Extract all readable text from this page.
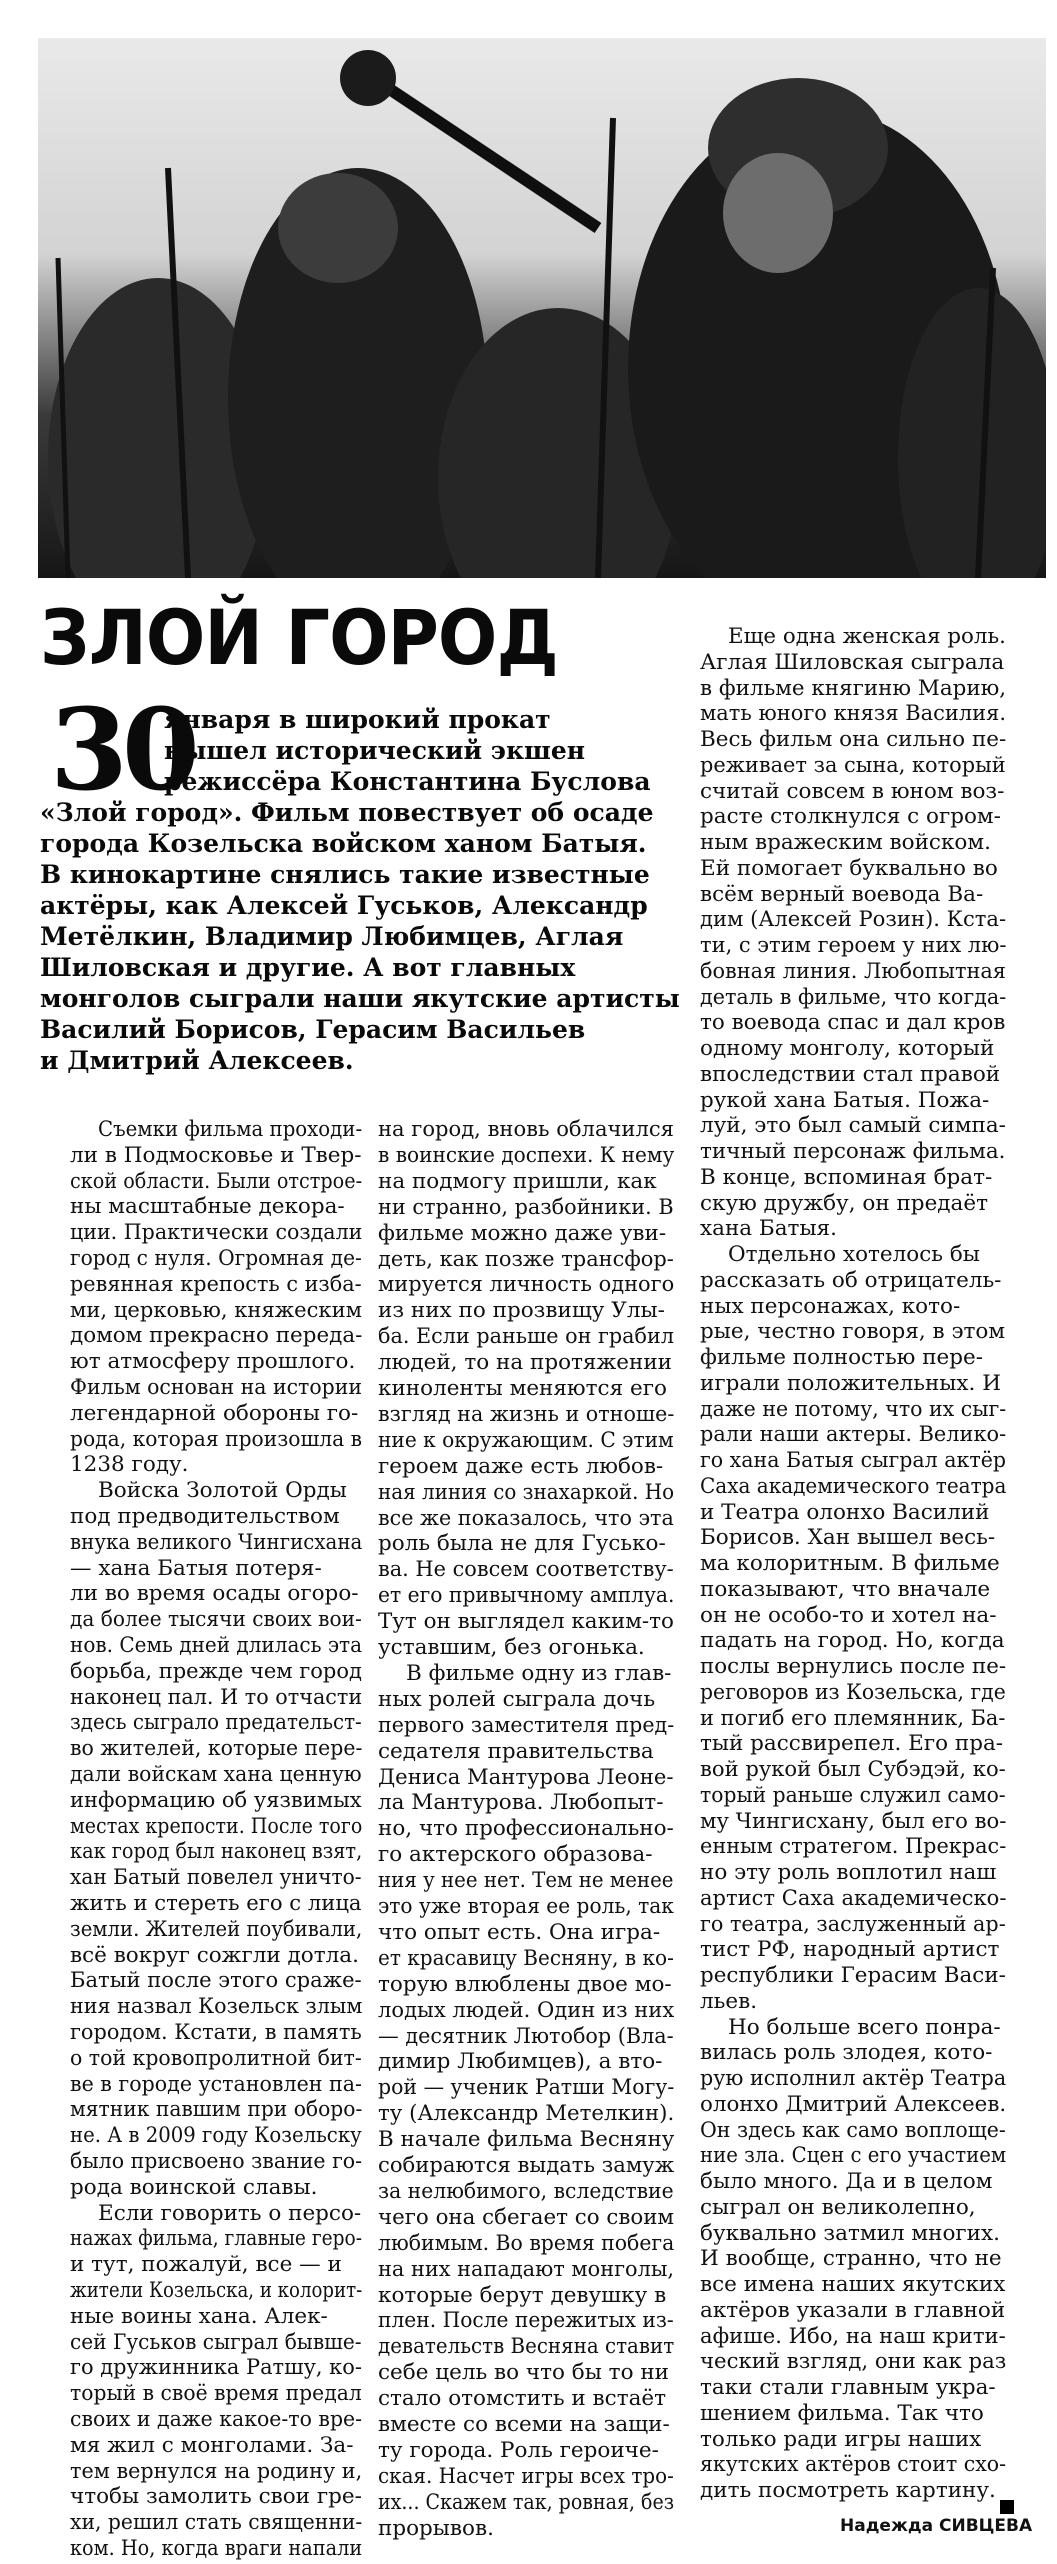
ЗЛОЙ ГОРОД
30
января в широкий прокат
вышел исторический экшен
режиссёра Константина Буслова
«Злой город». Фильм повествует об осаде
города Козельска войском ханом Батыя.
В кинокартине снялись такие известные
актёры, как Алексей Гуськов, Александр
Метёлкин, Владимир Любимцев, Аглая
Шиловская и другие. А вот главных
монголов сыграли наши якутские артисты
Василий Борисов, Герасим Васильев
и Дмитрий Алексеев.
Съемки фильма проходи-
ли в Подмосковье и Твер-
ской области. Были отстрое-
ны масштабные декора-
ции. Практически создали
город с нуля. Огромная де-
ревянная крепость с изба-
ми, церковью, княжеским
домом прекрасно переда-
ют атмосферу прошлого.
Фильм основан на истории
легендарной обороны го-
рода, которая произошла в
1238 году.
Войска Золотой Орды
под предводительством
внука великого Чингисхана
— хана Батыя потеря-
ли во время осады огоро-
да более тысячи своих вои-
нов. Семь дней длилась эта
борьба, прежде чем город
наконец пал. И то отчасти
здесь сыграло предательст-
во жителей, которые пере-
дали войскам хана ценную
информацию об уязвимых
местах крепости. После того
как город был наконец взят,
хан Батый повелел уничто-
жить и стереть его с лица
земли. Жителей поубивали,
всё вокруг сожгли дотла.
Батый после этого сраже-
ния назвал Козельск злым
городом. Кстати, в память
о той кровопролитной бит-
ве в городе установлен па-
мятник павшим при оборо-
не. А в 2009 году Козельску
было присвоено звание го-
рода воинской славы.
Если говорить о персо-
нажах фильма, главные геро-
и тут, пожалуй, все — и
жители Козельска, и колорит-
ные воины хана. Алек-
сей Гуськов сыграл бывше-
го дружинника Ратшу, ко-
торый в своё время предал
своих и даже какое-то вре-
мя жил с монголами. За-
тем вернулся на родину и,
чтобы замолить свои гре-
хи, решил стать священни-
ком. Но, когда враги напали
на город, вновь облачился
в воинские доспехи. К нему
на подмогу пришли, как
ни странно, разбойники. В
фильме можно даже уви-
деть, как позже трансфор-
мируется личность одного
из них по прозвищу Улы-
ба. Если раньше он грабил
людей, то на протяжении
киноленты меняются его
взгляд на жизнь и отноше-
ние к окружающим. С этим
героем даже есть любов-
ная линия со знахаркой. Но
все же показалось, что эта
роль была не для Гуськo-
ва. Не совсем соответству-
ет его привычному амплуа.
Тут он выглядел каким-то
уставшим, без огонька.
В фильме одну из глав-
ных ролей сыграла дочь
первого заместителя пред-
седателя правительства
Дениса Мантурова Леоне-
ла Мантурова. Любопыт-
но, что профессионально-
го актерского образова-
ния у нее нет. Тем не менее
это уже вторая ее роль, так
что опыт есть. Она игра-
ет красавицу Весняну, в ко-
торую влюблены двое мо-
лодых людей. Один из них
— десятник Лютобор (Вла-
димир Любимцев), а вто-
рой — ученик Ратши Могу-
ту (Александр Метелкин).
В начале фильма Весняну
собираются выдать замуж
за нелюбимого, вследствие
чего она сбегает со своим
любимым. Во время побега
на них нападают монголы,
которые берут девушку в
плен. После пережитых из-
девательств Весняна ставит
себе цель во что бы то ни
стало отомстить и встаёт
вместе со всеми на защи-
ту города. Роль героиче-
ская. Насчет игры всех тро-
их... Скажем так, ровная, без
прорывов.
Еще одна женская роль.
Аглая Шиловская сыграла
в фильме княгиню Марию,
мать юного князя Василия.
Весь фильм она сильно пе-
реживает за сына, который
считай совсем в юном воз-
расте столкнулся с огром-
ным вражеским войском.
Ей помогает буквально во
всём верный воевода Ва-
дим (Алексей Розин). Кста-
ти, с этим героем у них лю-
бовная линия. Любопытная
деталь в фильме, что когда-
то воевода спас и дал кров
одному монголу, который
впоследствии стал правой
рукой хана Батыя. Пожа-
луй, это был самый симпа-
тичный персонаж фильма.
В конце, вспоминая брат-
скую дружбу, он предаёт
хана Батыя.
Отдельно хотелось бы
рассказать об отрицатель-
ных персонажах, кото-
рые, честно говоря, в этом
фильме полностью пере-
играли положительных. И
даже не потому, что их сыг-
рали наши актеры. Велико-
го хана Батыя сыграл актёр
Саха академического театра
и Театра олонхо Василий
Борисов. Хан вышел весь-
ма колоритным. В фильме
показывают, что вначале
он не особо-то и хотел на-
падать на город. Но, когда
послы вернулись после пе-
реговоров из Козельска, где
и погиб его племянник, Ба-
тый рассвирепел. Его пра-
вой рукой был Субэдэй, ко-
торый раньше служил само-
му Чингисхану, был его во-
енным стратегом. Прекрас-
но эту роль воплотил наш
артист Саха академическо-
го театра, заслуженный ар-
тист РФ, народный артист
республики Герасим Васи-
льев.
Но больше всего понра-
вилась роль злодея, кото-
рую исполнил актёр Театра
олонхо Дмитрий Алексеев.
Он здесь как само воплоще-
ние зла. Сцен с его участием
было много. Да и в целом
сыграл он великолепно,
буквально затмил многих.
И вообще, странно, что не
все имена наших якутских
актёров указали в главной
афише. Ибо, на наш крити-
ческий взгляд, они как раз
таки стали главным укра-
шением фильма. Так что
только ради игры наших
якутских актёров стоит схо-
дить посмотреть картину.
Надежда СИВЦЕВА
